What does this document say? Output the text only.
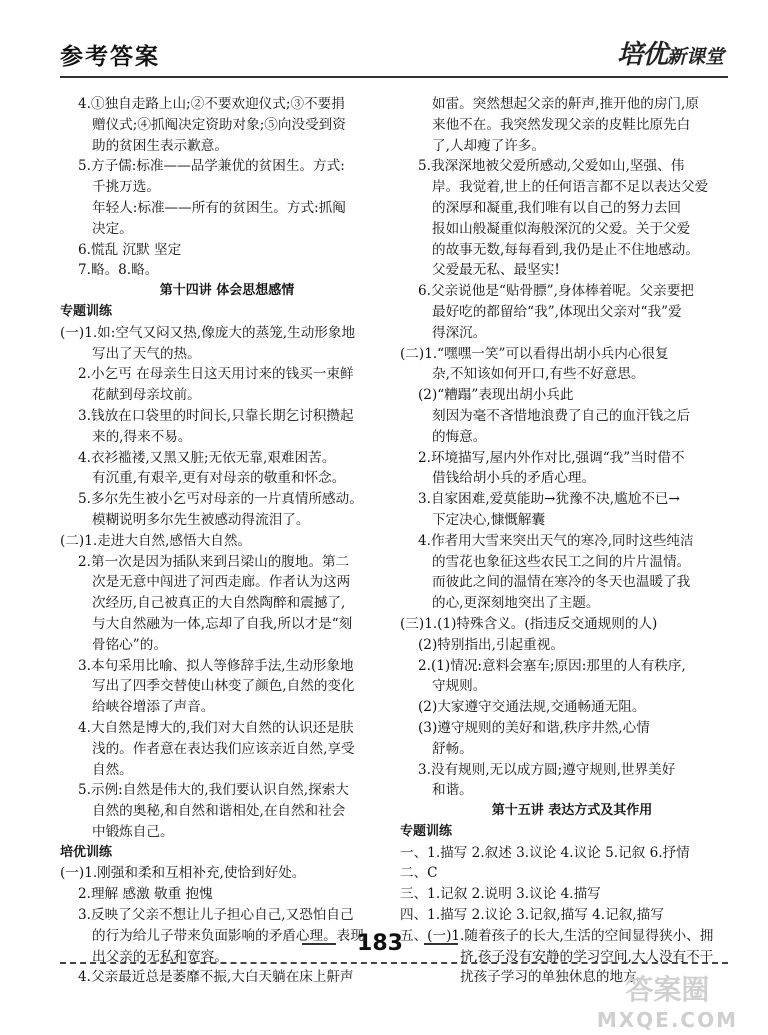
参考答案	培优新课堂

4.①独自走路上山;②不要欢迎仪式;③不要捐

赠仪式;④抓阄决定资助对象;⑤向没受到资

助的贫困生表示歉意。

5.方子儒:标准——品学兼优的贫困生。方式:

千挑万选。

年轻人:标准——所有的贫困生。方式:抓阄

决定。

6.慌乱 沉默 坚定

7.略。8.略。

第十四讲 体会思想感情

专题训练

(一)1.如:空气又闷又热,像庞大的蒸笼,生动形象地

写出了天气的热。

2.小乞丐 在母亲生日这天用讨来的钱买一束鲜

花献到母亲坟前。

3.钱放在口袋里的时间长,只靠长期乞讨积攒起

来的,得来不易。

4.衣衫褴褛,又黑又脏;无依无靠,艰难困苦。

有沉重,有艰辛,更有对母亲的敬重和怀念。

5.多尔先生被小乞丐对母亲的一片真情所感动。

模糊说明多尔先生被感动得流泪了。

(二)1.走进大自然,感悟大自然。

2.第一次是因为插队来到吕梁山的腹地。第二

次是无意中闯进了河西走廊。作者认为这两

次经历,自己被真正的大自然陶醉和震撼了,

与大自然融为一体,忘却了自我,所以才是“刻

骨铭心”的。

3.本句采用比喻、拟人等修辞手法,生动形象地

写出了四季交替使山林变了颜色,自然的变化

给峡谷增添了声音。

4.大自然是博大的,我们对大自然的认识还是肤

浅的。作者意在表达我们应该亲近自然,享受

自然。

5.示例:自然是伟大的,我们要认识自然,探索大

自然的奥秘,和自然和谐相处,在自然和社会

中锻炼自己。

培优训练

(一)1.刚强和柔和互相补充,使恰到好处。

2.理解 感激 敬重 抱愧

3.反映了父亲不想让儿子担心自己,又恐怕自己

的行为给儿子带来负面影响的矛盾心理。表现

出父亲的无私和宽容。

4.父亲最近总是萎靡不振,大白天躺在床上鼾声

如雷。突然想起父亲的鼾声,推开他的房门,原

来他不在。我突然发现父亲的皮鞋比原先白

了,人却瘦了许多。

5.我深深地被父爱所感动,父爱如山,坚强、伟

岸。我觉着,世上的任何语言都不足以表达父爱

的深厚和凝重,我们唯有以自己的努力去回

报如山般凝重似海般深沉的父爱。关于父爱

的故事无数,每每看到,我仍是止不住地感动。

父爱最无私、最坚实!

6.父亲说他是“贴骨膘”,身体棒着呢。父亲要把

最好吃的都留给“我”,体现出父亲对“我”爱

得深沉。

(二)1.“嘿嘿一笑”可以看得出胡小兵内心很复

杂,不知该如何开口,有些不好意思。

(2)“糟蹋”表现出胡小兵此

刻因为毫不吝惜地浪费了自己的血汗钱之后

的悔意。

2.环境描写,屋内外作对比,强调“我”当时借不

借钱给胡小兵的矛盾心理。

3.自家困难,爱莫能助→犹豫不决,尴尬不已→

下定决心,慷慨解囊

4.作者用大雪来突出天气的寒冷,同时这些纯洁

的雪花也象征这些农民工之间的片片温情。

而彼此之间的温情在寒冷的冬天也温暖了我

的心,更深刻地突出了主题。

(三)1.(1)特殊含义。(指违反交通规则的人)

(2)特别指出,引起重视。

2.(1)情况:意料会塞车;原因:那里的人有秩序,

守规则。

(2)大家遵守交通法规,交通畅通无阻。

(3)遵守规则的美好和谐,秩序井然,心情

舒畅。

3.没有规则,无以成方圆;遵守规则,世界美好

和谐。

第十五讲 表达方式及其作用

专题训练

一、1.描写 2.叙述 3.议论 4.议论 5.记叙 6.抒情

二、C

三、1.记叙 2.说明 3.议论 4.描写

四、1.描写 2.议论 3.记叙,描写 4.记叙,描写

五、(一)1.随着孩子的长大,生活的空间显得狭小、拥

挤,孩子没有安静的学习空间,大人没有不干

扰孩子学习的单独休息的地方。

183
答案圈
MXQE.COM
